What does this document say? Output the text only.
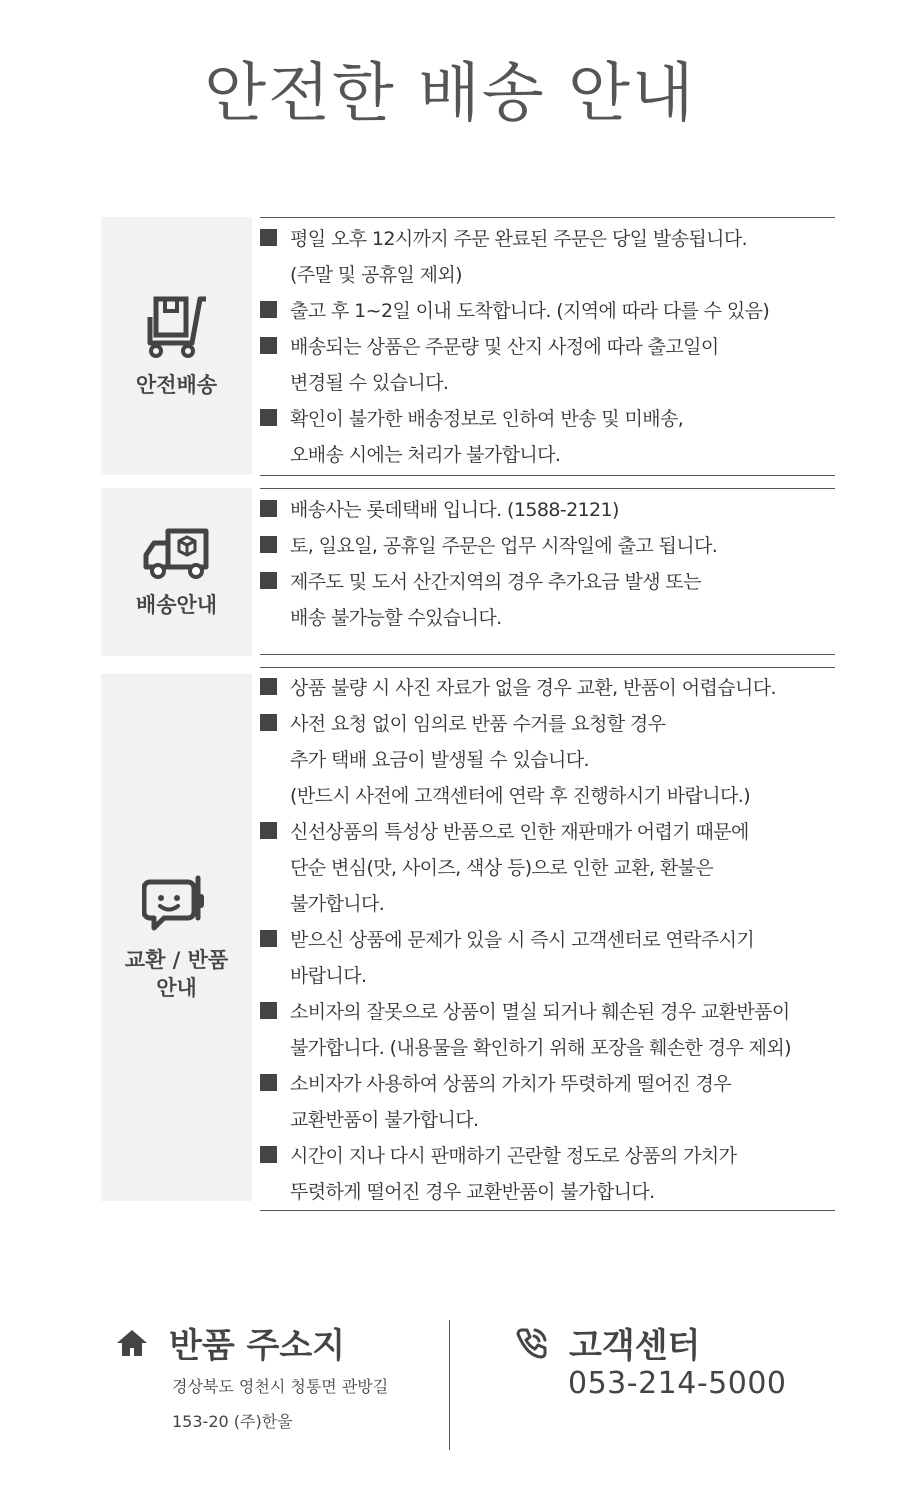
안전한 배송 안내
안전배송
평일 오후 12시까지 주문 완료된 주문은 당일 발송됩니다.
(주말 및 공휴일 제외)
출고 후 1~2일 이내 도착합니다. (지역에 따라 다를 수 있음)
배송되는 상품은 주문량 및 산지 사정에 따라 출고일이
변경될 수 있습니다.
확인이 불가한 배송정보로 인하여 반송 및 미배송,
오배송 시에는 처리가 불가합니다.
배송안내
배송사는 롯데택배 입니다. (1588-2121)
토, 일요일, 공휴일 주문은 업무 시작일에 출고 됩니다.
제주도 및 도서 산간지역의 경우 추가요금 발생 또는
배송 불가능할 수있습니다.
교환 / 반품
안내
상품 불량 시 사진 자료가 없을 경우 교환, 반품이 어렵습니다.
사전 요청 없이 임의로 반품 수거를 요청할 경우
추가 택배 요금이 발생될 수 있습니다.
(반드시 사전에 고객센터에 연락 후 진행하시기 바랍니다.)
신선상품의 특성상 반품으로 인한 재판매가 어렵기 때문에
단순 변심(맛, 사이즈, 색상 등)으로 인한 교환, 환불은
불가합니다.
받으신 상품에 문제가 있을 시 즉시 고객센터로 연락주시기
바랍니다.
소비자의 잘못으로 상품이 멸실 되거나 훼손된 경우 교환반품이
불가합니다. (내용물을 확인하기 위해 포장을 훼손한 경우 제외)
소비자가 사용하여 상품의 가치가 뚜렷하게 떨어진 경우
교환반품이 불가합니다.
시간이 지나 다시 판매하기 곤란할 정도로 상품의 가치가
뚜렷하게 떨어진 경우 교환반품이 불가합니다.
반품 주소지
경상북도 영천시 청통면 관방길
153-20 (주)한울
고객센터
053-214-5000
